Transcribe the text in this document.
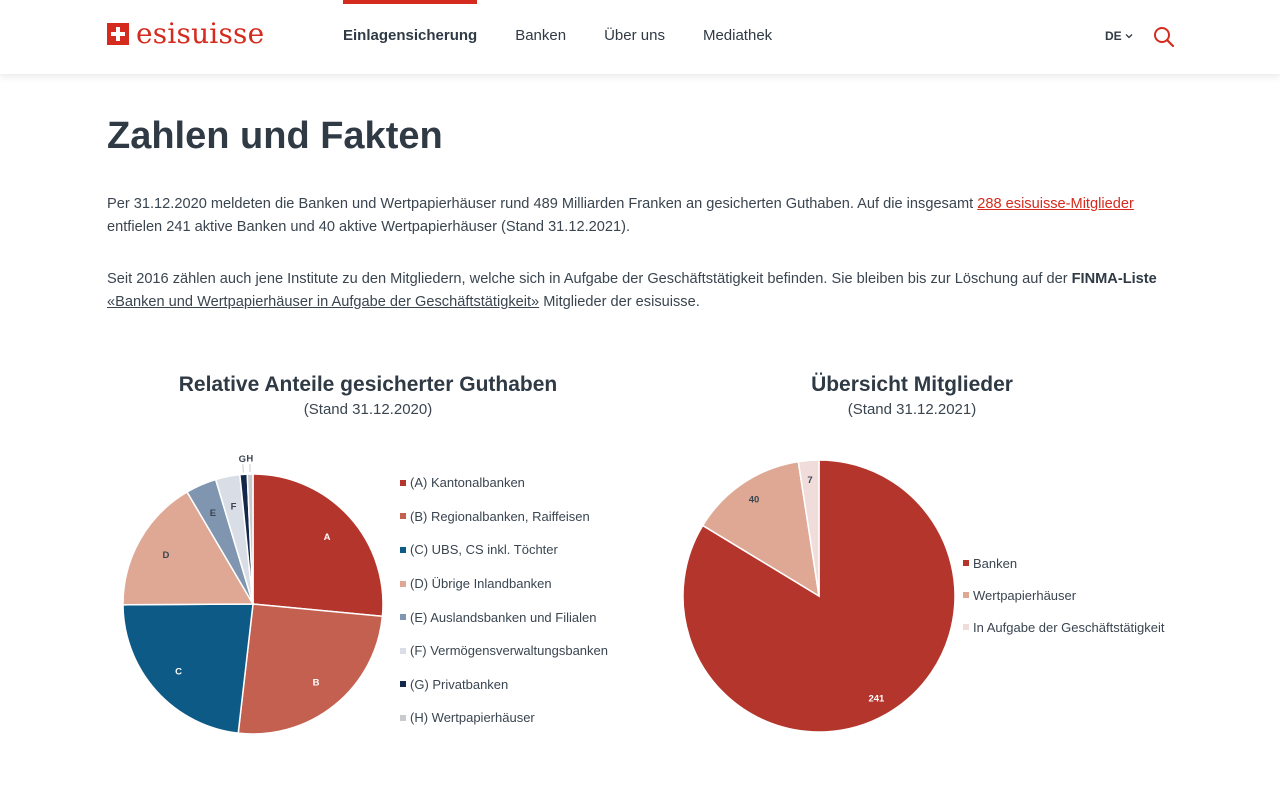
esisuisse	Einlagensicherung	Banken	Über uns	Mediathek	DE
Zahlen und Fakten

Per 31.12.2020 meldeten die Banken und Wertpapierhäuser rund 489 Milliarden Franken an gesicherten Guthaben. Auf die insgesamt 288 esisuisse-Mitglieder entfielen 241 aktive Banken und 40 aktive Wertpapierhäuser (Stand 31.12.2021).

Seit 2016 zählen auch jene Institute zu den Mitgliedern, welche sich in Aufgabe der Geschäftstätigkeit befinden. Sie bleiben bis zur Löschung auf der FINMA-Liste «Banken und Wertpapierhäuser in Aufgabe der Geschäftstätigkeit» Mitglieder der esisuisse.

Relative Anteile gesicherter Guthaben
(Stand 31.12.2020)
A
B
C
D
E
F
G H
(A) Kantonalbanken
(B) Regionalbanken, Raiffeisen
(C) UBS, CS inkl. Töchter
(D) Übrige Inlandbanken
(E) Auslandsbanken und Filialen
(F) Vermögensverwaltungsbanken
(G) Privatbanken
(H) Wertpapierhäuser
Übersicht Mitglieder
(Stand 31.12.2021)
241
40
7
Banken
Wertpapierhäuser
In Aufgabe der Geschäftstätigkeit
